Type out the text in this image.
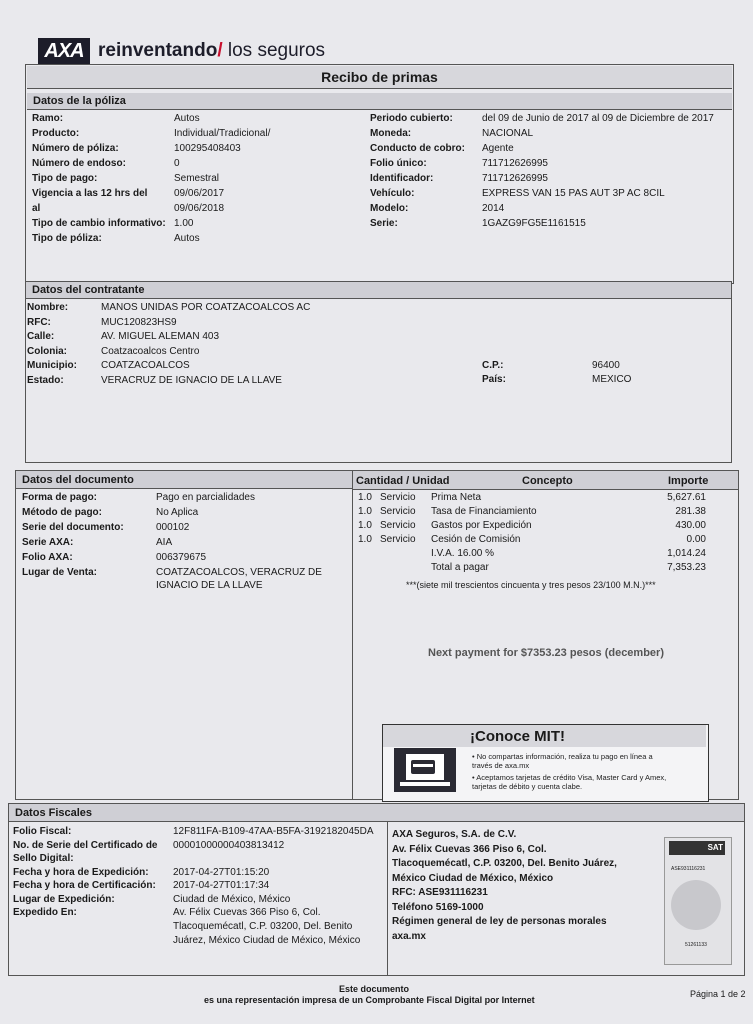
AXA reinventando/ los seguros
Recibo de primas
Datos de la póliza
Ramo:	Autos
Producto:	Individual/Tradicional/
Número de póliza:	100295408403
Número de endoso:	0
Tipo de pago:	Semestral
Vigencia a las 12 hrs del	09/06/2017
al	09/06/2018
Tipo de cambio informativo: 1.00
Tipo de póliza:	Autos
Periodo cubierto:	del 09 de Junio de 2017 al 09 de Diciembre de 2017
Moneda:	NACIONAL
Conducto de cobro: Agente
Folio único:	711712626995
Identificador:	711712626995
Vehículo:	EXPRESS VAN 15 PAS AUT 3P AC 8CIL
Modelo:	2014
Serie:	1GAZG9FG5E1161515
Datos del contratante
Nombre:	MANOS UNIDAS POR COATZACOALCOS AC
RFC:	MUC120823HS9
Calle:	AV. MIGUEL ALEMAN 403
Colonia:	Coatzacoalcos Centro
Municipio: COATZACOALCOS
Estado:	VERACRUZ DE IGNACIO DE LA LLAVE
C.P.:	96400
País:	MEXICO
Datos del documento	Cantidad / Unidad	Concepto	Importe
Forma de pago:	Pago en parcialidades
Método de pago:	No Aplica
Serie del documento:	000102
Serie AXA:	AIA
Folio AXA:	006379675
Lugar de Venta:	COATZACOALCOS, VERACRUZ DE
IGNACIO DE LA LLAVE
1.0 Servicio Prima Neta	5,627.61
1.0 Servicio Tasa de Financiamiento	281.38
1.0 Servicio Gastos por Expedición	430.00
1.0 Servicio Cesión de Comisión	0.00
I.V.A. 16.00 %	1,014.24
Total a pagar	7,353.23
***(siete mil trescientos cincuenta y tres pesos 23/100 M.N.)***
Next payment for $7353.23 pesos (december)
¡Conoce MIT!
• No compartas información, realiza tu pago en línea a
través de axa.mx
• Aceptamos tarjetas de crédito Visa, Master Card y Amex,
tarjetas de débito y cuenta clabe.
Datos Fiscales
Folio Fiscal:	12F811FA-B109-47AA-B5FA-3192182045DA
No. de Serie del Certificado de 00001000000403813412
Sello Digital:
Fecha y hora de Expedición: 2017-04-27T01:15:20
Fecha y hora de Certificación: 2017-04-27T01:17:34
Lugar de Expedición:	Ciudad de México, México
Expedido En:	Av. Félix Cuevas 366 Piso 6, Col.
Tlacoquemécatl, C.P. 03200, Del. Benito
Juárez, México Ciudad de México, México
AXA Seguros, S.A. de C.V.
Av. Félix Cuevas 366 Piso 6, Col.
Tlacoquemécatl, C.P. 03200, Del. Benito Juárez,
México Ciudad de México, México
RFC: ASE931116231
Teléfono 5169-1000
Régimen general de ley de personas morales
axa.mx
SAT
ASE931116231
51261133
Este documento
es una representación impresa de un Comprobante Fiscal Digital por Internet
Página 1 de 2
